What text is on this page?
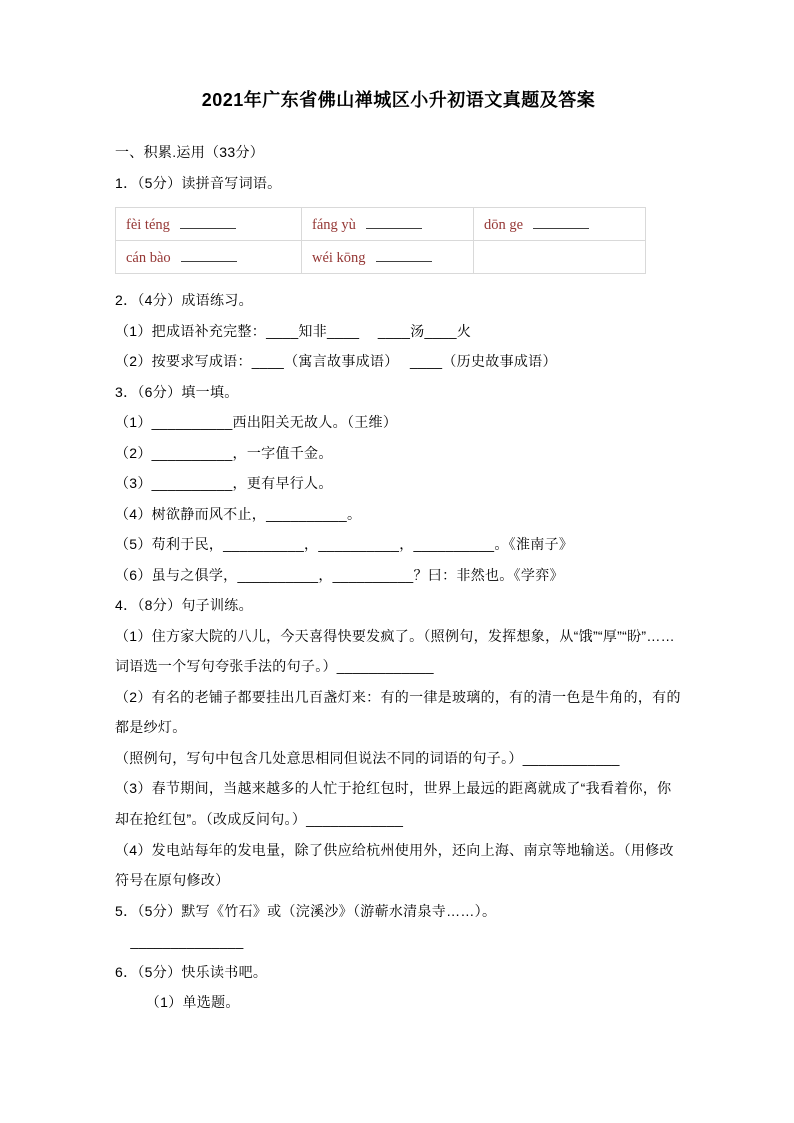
2021年广东省佛山禅城区小升初语文真题及答案

一、积累.运用（33分）

1．（5分）读拼音写词语。

fèi téng	fáng yù	dōn ge
cán bào	wéi kōng	

2．（4分）成语练习。

（1）把成语补充完整：____知非____　 ____汤____火

（2）按要求写成语：____（寓言故事成语）　 ____（历史故事成语）

3．（6分）填一填。

（1）__________西出阳关无故人。（王维）

（2）__________，一字值千金。

（3）__________，更有早行人。

（4）树欲静而风不止，__________。

（5）苟利于民，__________，__________，__________。《淮南子》

（6）虽与之俱学，__________，__________？曰：非然也。《学弈》

4．（8分）句子训练。

（1）住方家大院的八儿，今天喜得快要发疯了。（照例句，发挥想象，从“饿”“厚”“盼”……词语选一个写句夸张手法的句子。）____________

（2）有名的老铺子都要挂出几百盏灯来：有的一律是玻璃的，有的清一色是牛角的，有的都是纱灯。

（照例句，写句中包含几处意思相同但说法不同的词语的句子。）____________

（3）春节期间，当越来越多的人忙于抢红包时，世界上最远的距离就成了“我看着你，你却在抢红包”。（改成反问句。）____________

（4）发电站每年的发电量，除了供应给杭州使用外，还向上海、南京等地输送。（用修改符号在原句修改）

5．（5分）默写《竹石》或（浣溪沙》（游蕲水清泉寺……）。

______________

6．（5分）快乐读书吧。

（1）单选题。
